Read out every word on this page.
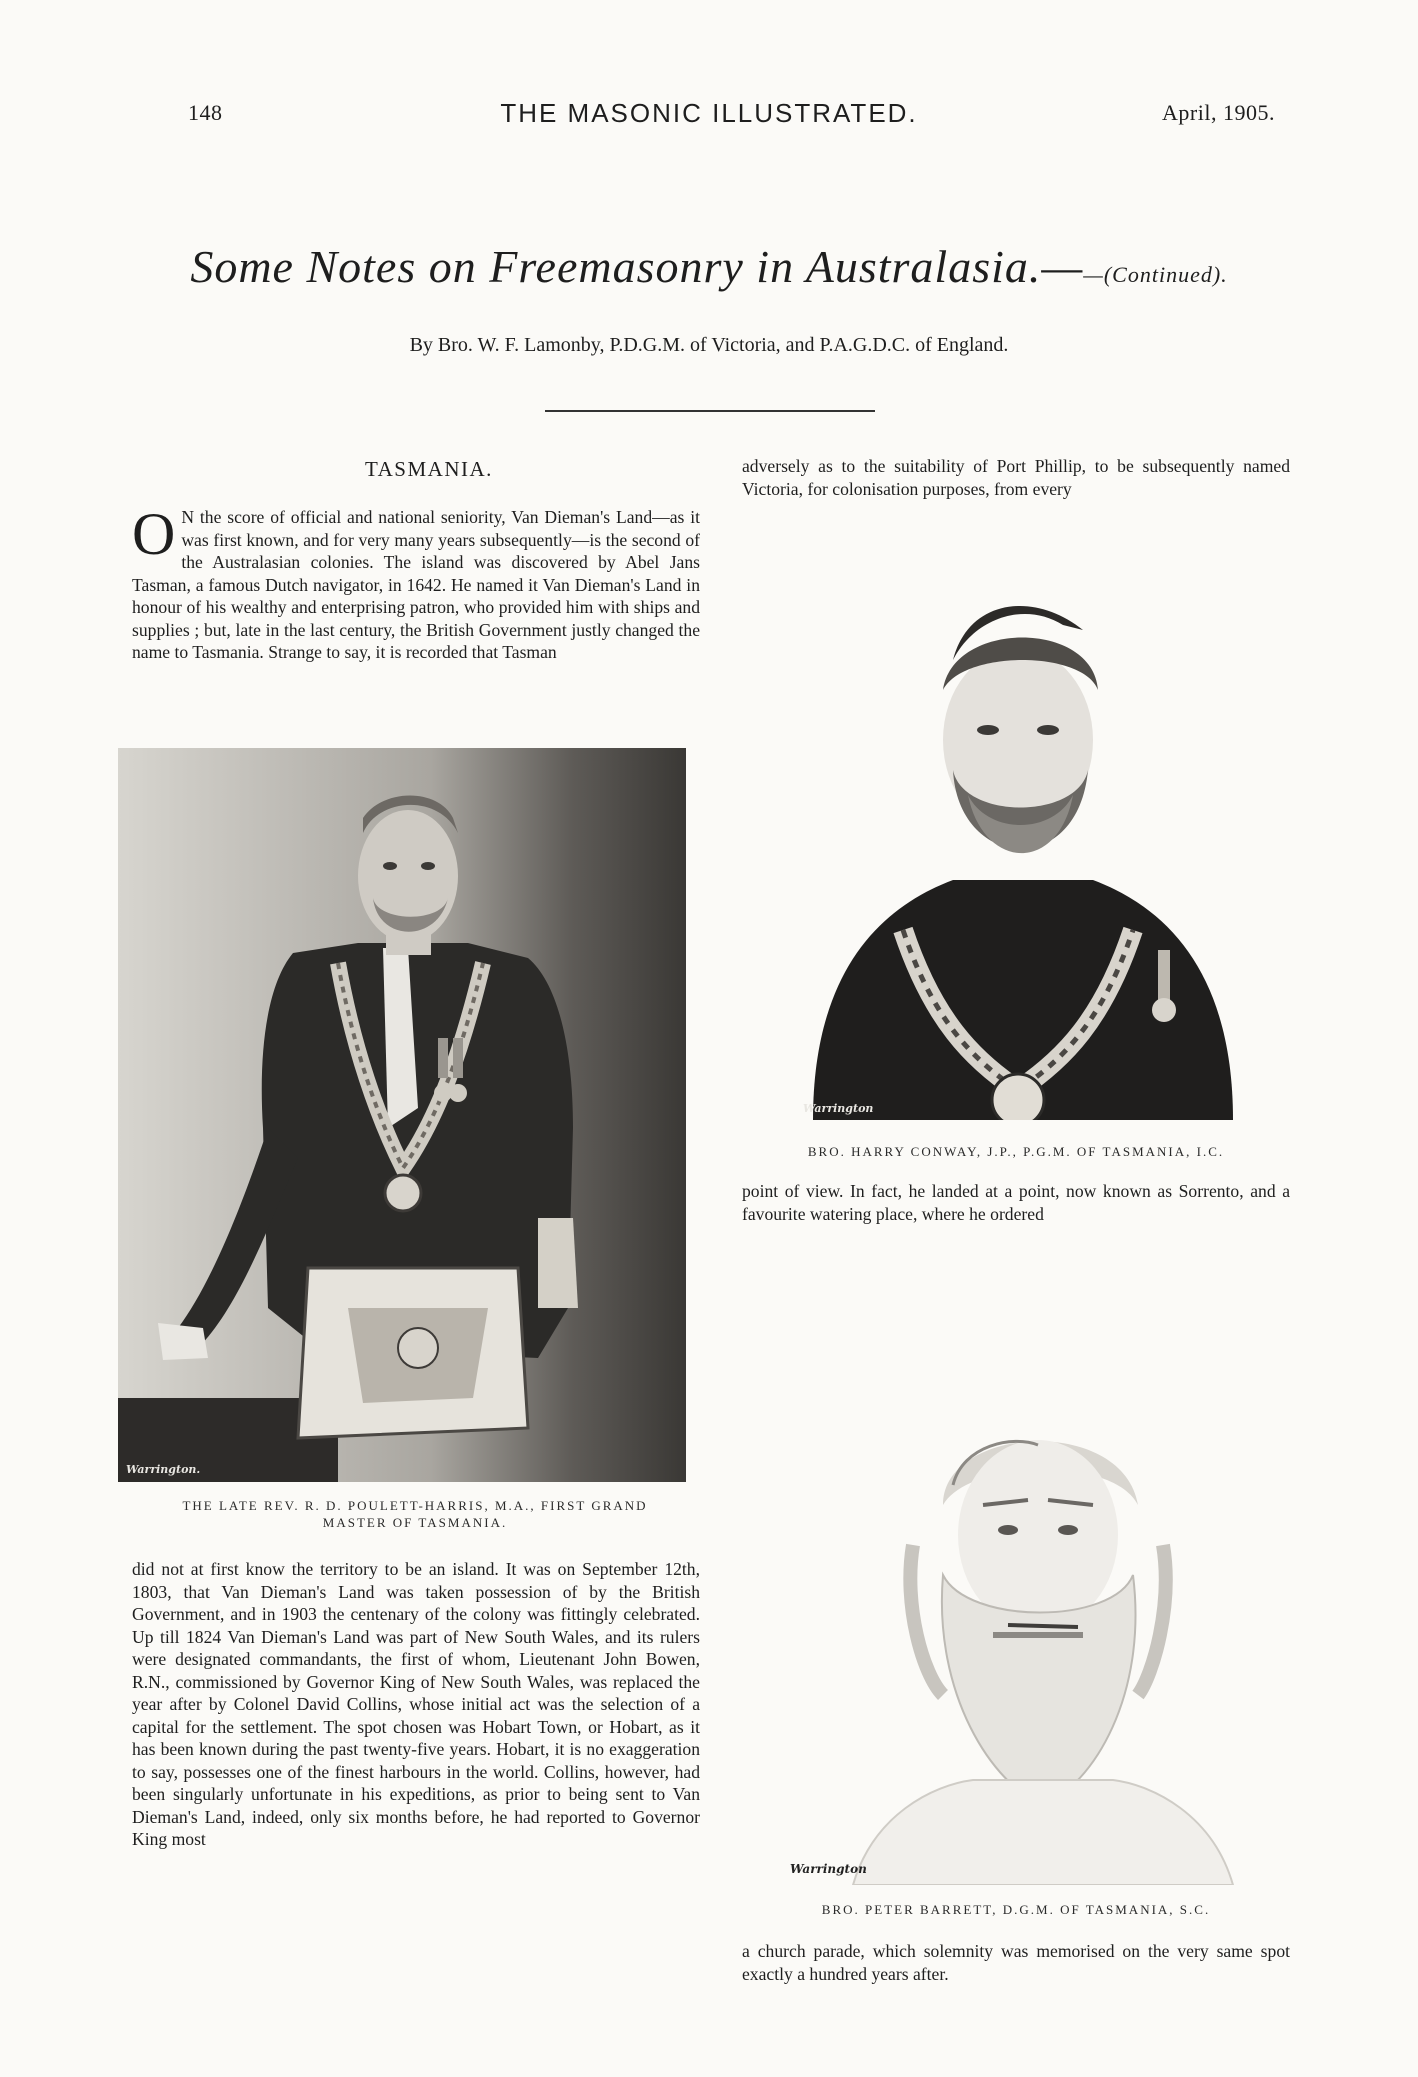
148	THE MASONIC ILLUSTRATED.	April, 1905.
Some Notes on Freemasonry in Australasia.——(Continued).
By Bro. W. F. Lamonby, P.D.G.M. of Victoria, and P.A.G.D.C. of England.
TASMANIA.

O N the score of official and national seniority, Van Dieman's Land—as it was first known, and for very many years subsequently—is the second of the Australasian colonies. The island was discovered by Abel Jans Tasman, a famous Dutch navigator, in 1642. He named it Van Dieman's Land in honour of his wealthy and enterprising patron, who provided him with ships and supplies ; but, late in the last century, the British Government justly changed the name to Tasmania. Strange to say, it is recorded that Tasman

Warrington.
THE LATE REV. R. D. POULETT-HARRIS, M.A., FIRST GRAND MASTER OF TASMANIA.

did not at first know the territory to be an island. It was on September 12th, 1803, that Van Dieman's Land was taken possession of by the British Government, and in 1903 the centenary of the colony was fittingly celebrated. Up till 1824 Van Dieman's Land was part of New South Wales, and its rulers were designated commandants, the first of whom, Lieutenant John Bowen, R.N., commissioned by Governor King of New South Wales, was replaced the year after by Colonel David Collins, whose initial act was the selection of a capital for the settlement. The spot chosen was Hobart Town, or Hobart, as it has been known during the past twenty-five years. Hobart, it is no exaggeration to say, possesses one of the finest harbours in the world. Collins, however, had been singularly unfortunate in his expeditions, as prior to being sent to Van Dieman's Land, indeed, only six months before, he had reported to Governor King most

adversely as to the suitability of Port Phillip, to be subsequently named Victoria, for colonisation purposes, from every

Warrington
BRO. HARRY CONWAY, J.P., P.G.M. OF TASMANIA, I.C.

point of view. In fact, he landed at a point, now known as Sorrento, and a favourite watering place, where he ordered

Warrington
BRO. PETER BARRETT, D.G.M. OF TASMANIA, S.C.

a church parade, which solemnity was memorised on the very same spot exactly a hundred years after.
